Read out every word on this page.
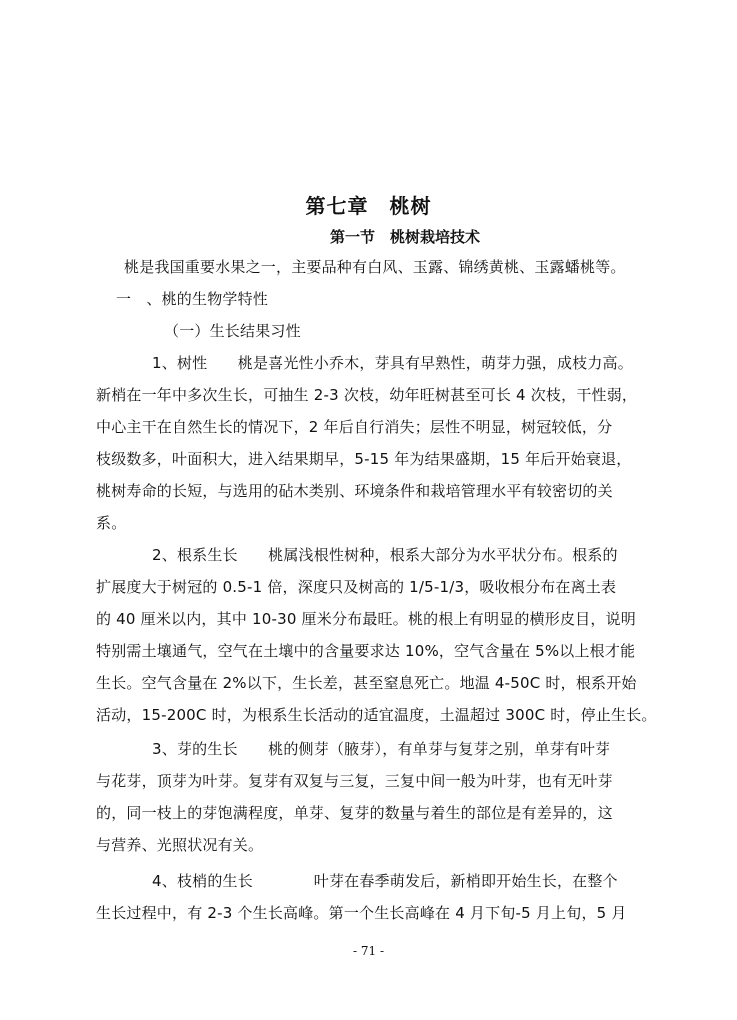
第七章　桃树
第一节　桃树栽培技术
桃是我国重要水果之一，主要品种有白风、玉露、锦绣黄桃、玉露蟠桃等。
一　、桃的生物学特性
（一）生长结果习性
1、树性　　桃是喜光性小乔木，芽具有早熟性，萌芽力强，成枝力高。
新梢在一年中多次生长，可抽生 2-3 次枝，幼年旺树甚至可长 4 次枝，干性弱，
中心主干在自然生长的情况下，2 年后自行消失；层性不明显，树冠较低，分
枝级数多，叶面积大，进入结果期早，5-15 年为结果盛期，15 年后开始衰退，
桃树寿命的长短，与选用的砧木类别、环境条件和栽培管理水平有较密切的关
系。
2、根系生长　　桃属浅根性树种，根系大部分为水平状分布。根系的
扩展度大于树冠的 0.5-1 倍，深度只及树高的 1/5-1/3，吸收根分布在离土表
的 40 厘米以内，其中 10-30 厘米分布最旺。桃的根上有明显的横形皮目，说明
特别需土壤通气，空气在土壤中的含量要求达 10%，空气含量在 5%以上根才能
生长。空气含量在 2%以下，生长差，甚至窒息死亡。地温 4-50C 时，根系开始
活动，15-200C 时，为根系生长活动的适宜温度，土温超过 300C 时，停止生长。
3、芽的生长　　桃的侧芽（腋芽），有单芽与复芽之别，单芽有叶芽
与花芽，顶芽为叶芽。复芽有双复与三复，三复中间一般为叶芽，也有无叶芽
的，同一枝上的芽饱满程度，单芽、复芽的数量与着生的部位是有差异的，这
与营养、光照状况有关。
4、枝梢的生长　　　　叶芽在春季萌发后，新梢即开始生长，在整个
- 71 -
生长过程中，有 2-3 个生长高峰。第一个生长高峰在 4 月下旬-5 月上旬，5 月
